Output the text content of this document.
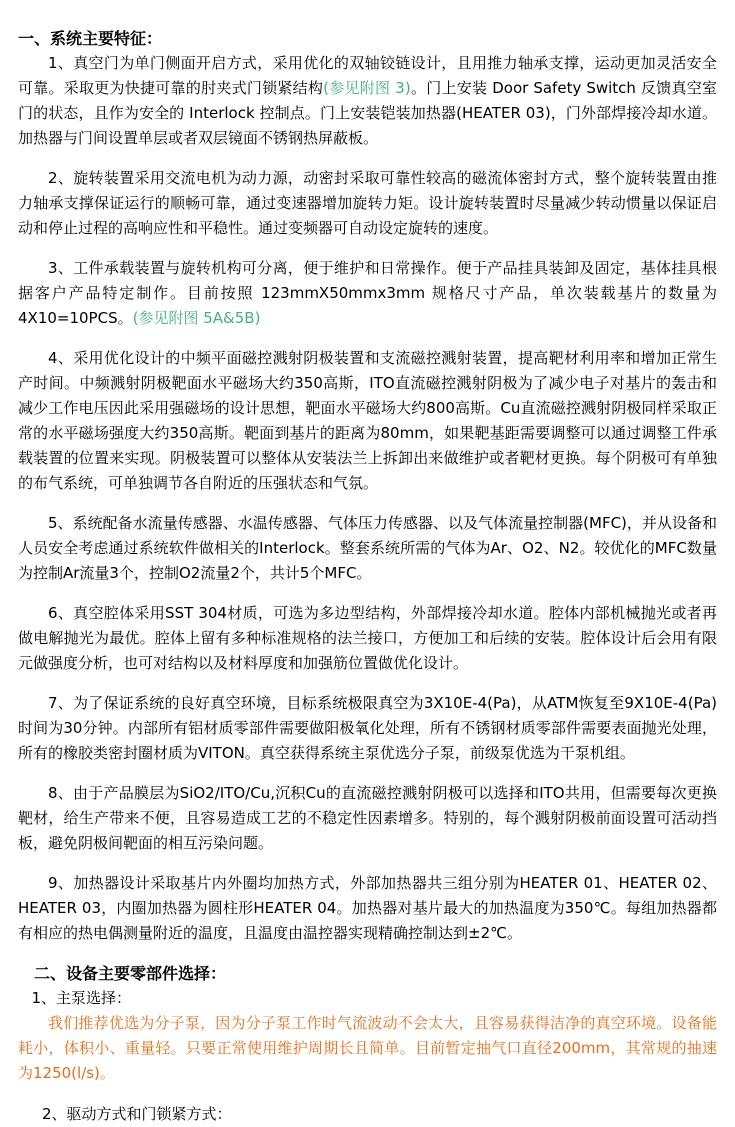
一、系统主要特征：

1、真空门为单门侧面开启方式，采用优化的双轴铰链设计，且用推力轴承支撑，运动更加灵活安全可靠。采取更为快捷可靠的肘夹式门锁紧结构(参见附图 3)。门上安装 Door Safety Switch 反馈真空室门的状态，且作为安全的 Interlock 控制点。门上安装铠装加热器(HEATER 03)，门外部焊接冷却水道。加热器与门间设置单层或者双层镜面不锈钢热屏蔽板。

2、旋转装置采用交流电机为动力源，动密封采取可靠性较高的磁流体密封方式，整个旋转装置由推力轴承支撑保证运行的顺畅可靠，通过变速器增加旋转力矩。设计旋转装置时尽量减少转动惯量以保证启动和停止过程的高响应性和平稳性。通过变频器可自动设定旋转的速度。

3、工件承载装置与旋转机构可分离，便于维护和日常操作。便于产品挂具装卸及固定，基体挂具根据客户产品特定制作。目前按照 123mmX50mmx3mm 规格尺寸产品，单次装载基片的数量为4X10=10PCS。(参见附图 5A&5B)

4、采用优化设计的中频平面磁控溅射阴极装置和支流磁控溅射装置，提高靶材利用率和增加正常生产时间。中频溅射阴极靶面水平磁场大约350高斯，ITO直流磁控溅射阴极为了减少电子对基片的轰击和减少工作电压因此采用强磁场的设计思想，靶面水平磁场大约800高斯。Cu直流磁控溅射阴极同样采取正常的水平磁场强度大约350高斯。靶面到基片的距离为80mm，如果靶基距需要调整可以通过调整工件承载装置的位置来实现。阴极装置可以整体从安装法兰上拆卸出来做维护或者靶材更换。每个阴极可有单独的布气系统，可单独调节各自附近的压强状态和气氛。

5、系统配备水流量传感器、水温传感器、气体压力传感器、以及气体流量控制器(MFC)，并从设备和人员安全考虑通过系统软件做相关的Interlock。整套系统所需的气体为Ar、O2、N2。较优化的MFC数量为控制Ar流量3个，控制O2流量2个，共计5个MFC。

6、真空腔体采用SST 304材质，可选为多边型结构，外部焊接冷却水道。腔体内部机械抛光或者再做电解抛光为最优。腔体上留有多种标准规格的法兰接口，方便加工和后续的安装。腔体设计后会用有限元做强度分析，也可对结构以及材料厚度和加强筋位置做优化设计。

7、为了保证系统的良好真空环境，目标系统极限真空为3X10E-4(Pa)，从ATM恢复至9X10E-4(Pa)时间为30分钟。内部所有铝材质零部件需要做阳极氧化处理，所有不锈钢材质零部件需要表面抛光处理，所有的橡胶类密封圈材质为VITON。真空获得系统主泵优选分子泵，前级泵优选为干泵机组。

8、由于产品膜层为SiO2/ITO/Cu,沉积Cu的直流磁控溅射阴极可以选择和ITO共用，但需要每次更换靶材，给生产带来不便，且容易造成工艺的不稳定性因素增多。特别的，每个溅射阴极前面设置可活动挡板，避免阴极间靶面的相互污染问题。

9、加热器设计采取基片内外圈均加热方式，外部加热器共三组分别为HEATER 01、HEATER 02、HEATER 03，内圈加热器为圆柱形HEATER 04。加热器对基片最大的加热温度为350℃。每组加热器都有相应的热电偶测量附近的温度，且温度由温控器实现精确控制达到±2℃。

二、设备主要零部件选择：

1、主泵选择：

我们推荐优选为分子泵，因为分子泵工作时气流波动不会太大，且容易获得洁净的真空环境。设备能耗小，体积小、重量轻。只要正常使用维护周期长且简单。目前暂定抽气口直径200mm，其常规的抽速为1250(l/s)。

2、驱动方式和门锁紧方式：
